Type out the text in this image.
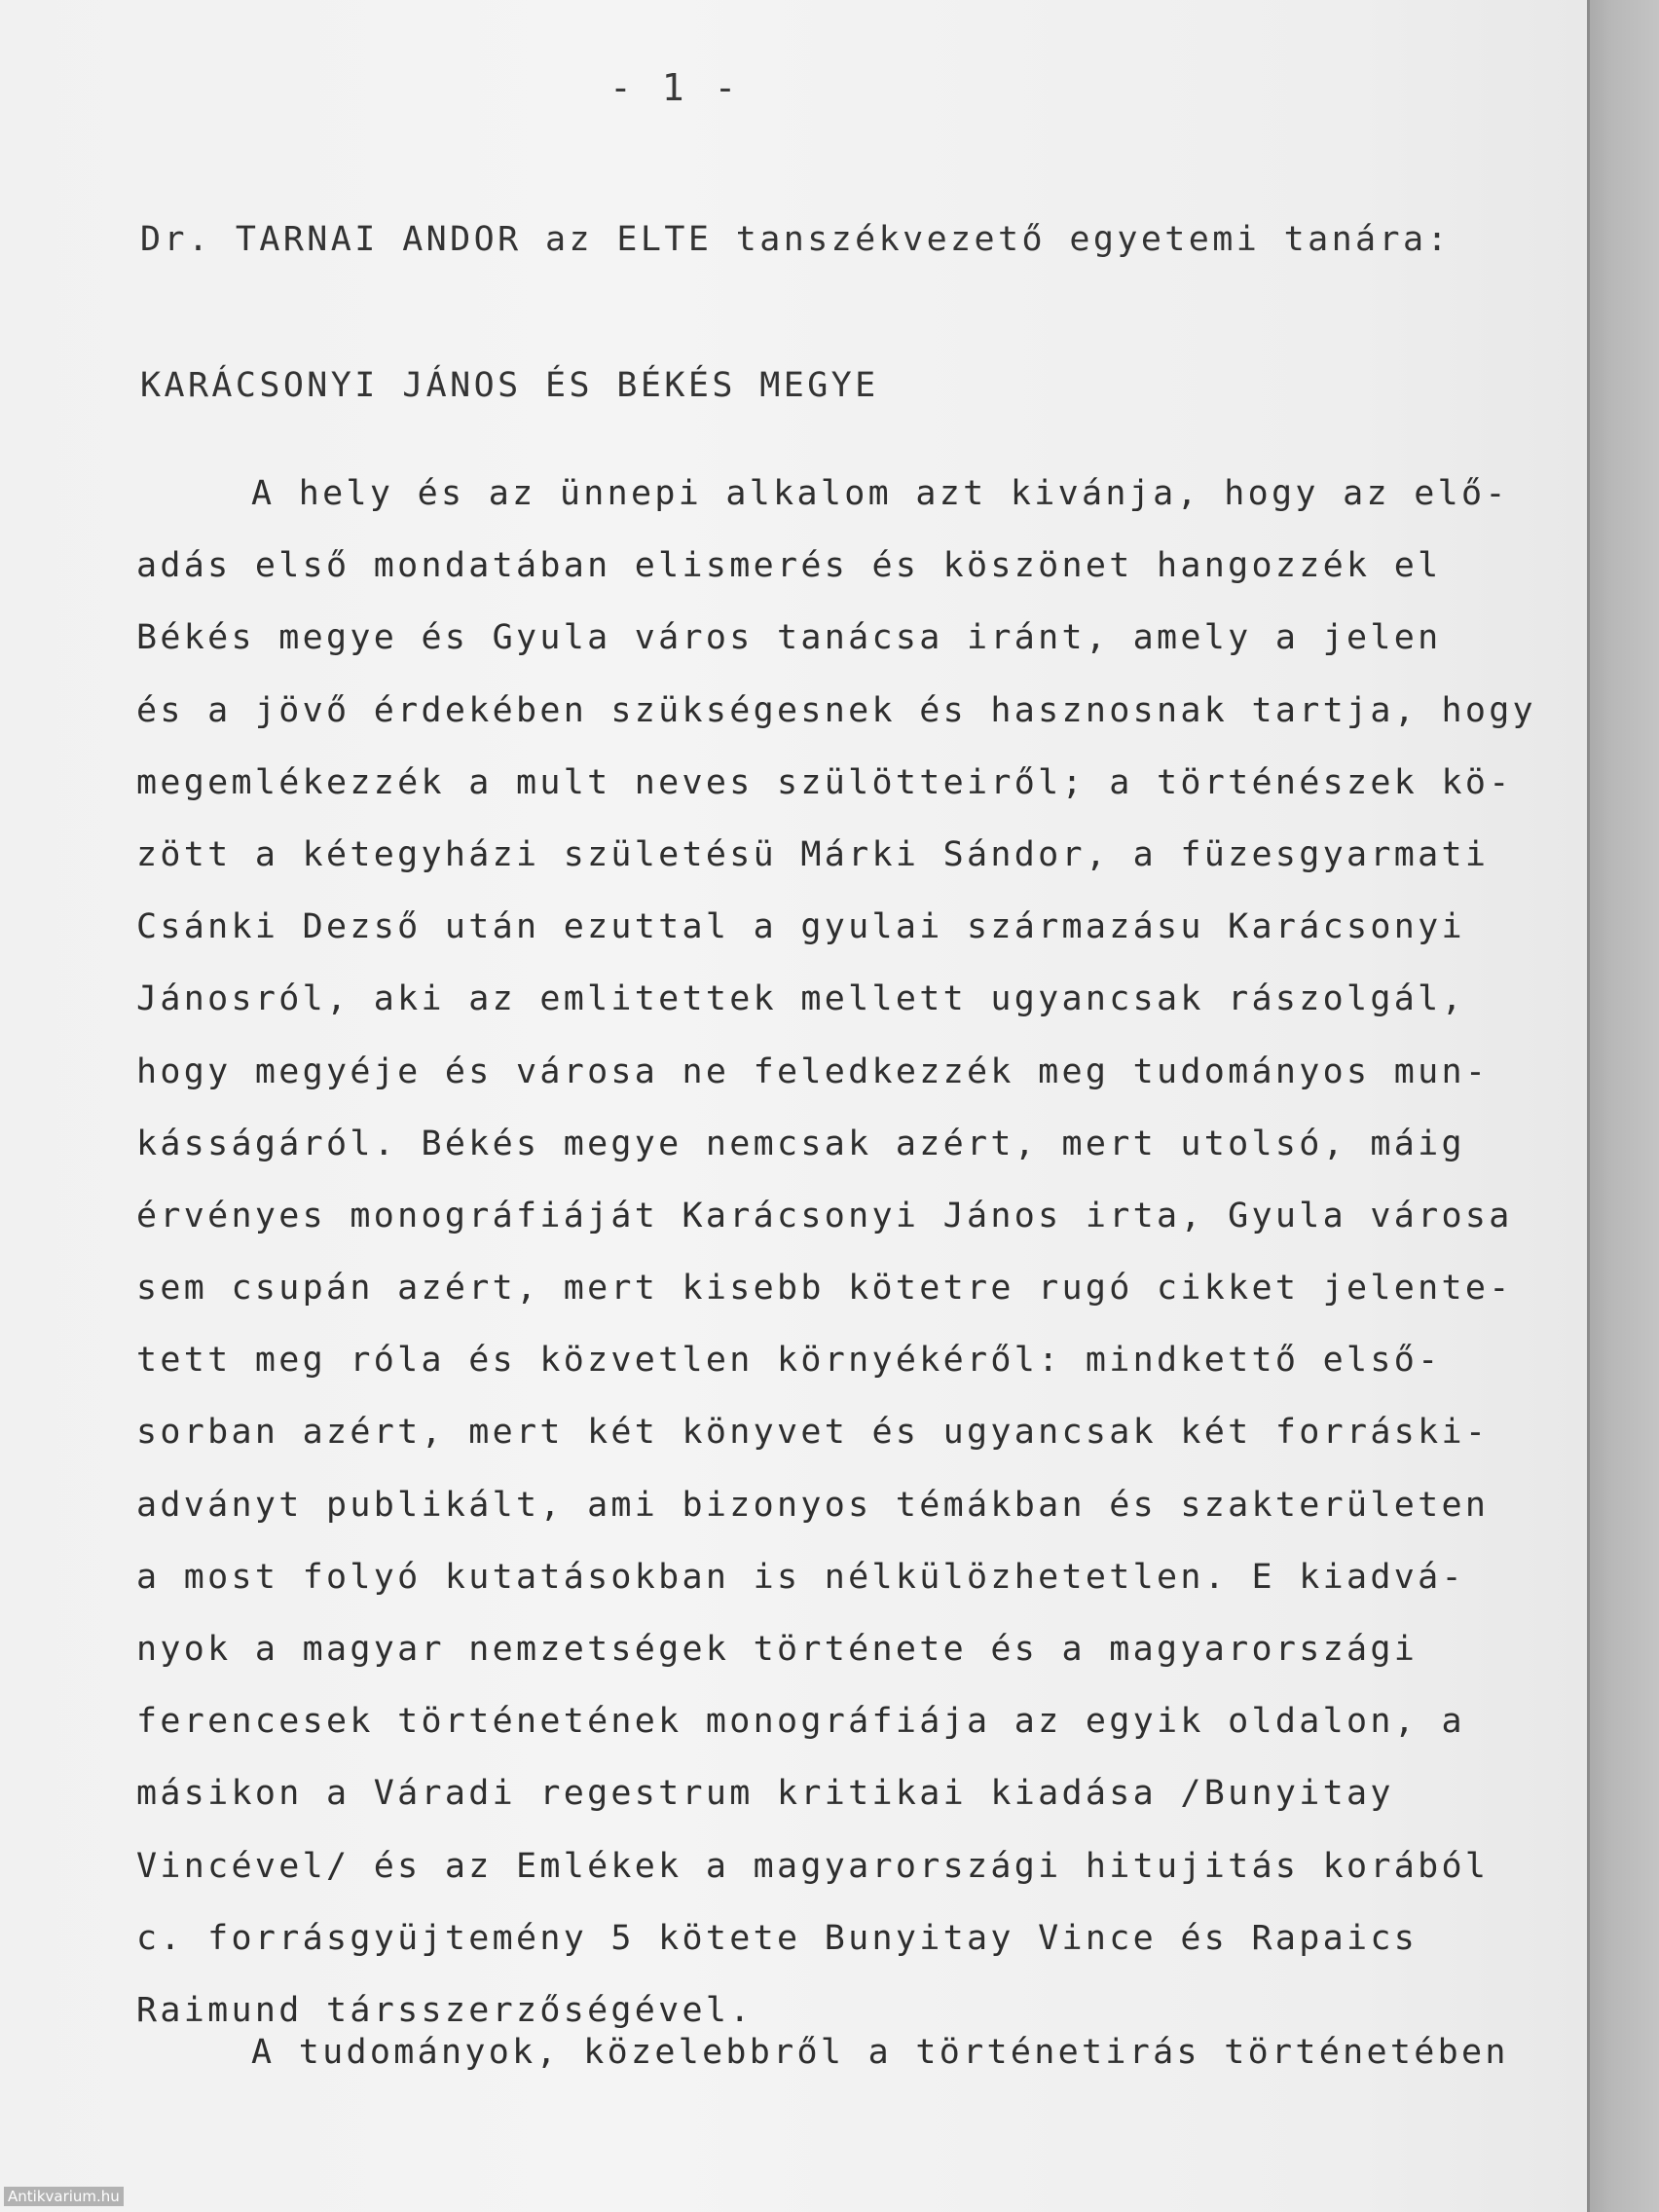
- 1 -
Dr. TARNAI ANDOR az ELTE tanszékvezető egyetemi tanára:
KARÁCSONYI JÁNOS ÉS BÉKÉS MEGYE
A hely és az ünnepi alkalom azt kivánja, hogy az elő-
adás első mondatában elismerés és köszönet hangozzék el
Békés megye és Gyula város tanácsa iránt, amely a jelen
és a jövő érdekében szükségesnek és hasznosnak tartja, hogy
megemlékezzék a mult neves szülötteiről; a történészek kö-
zött a kétegyházi születésü Márki Sándor, a füzesgyarmati
Csánki Dezső után ezuttal a gyulai származásu Karácsonyi
Jánosról, aki az emlitettek mellett ugyancsak rászolgál,
hogy megyéje és városa ne feledkezzék meg tudományos mun-
kásságáról. Békés megye nemcsak azért, mert utolsó, máig
érvényes monográfiáját Karácsonyi János irta, Gyula városa
sem csupán azért, mert kisebb kötetre rugó cikket jelente-
tett meg róla és közvetlen környékéről: mindkettő első-
sorban azért, mert két könyvet és ugyancsak két forráski-
adványt publikált, ami bizonyos témákban és szakterületen
a most folyó kutatásokban is nélkülözhetetlen. E kiadvá-
nyok a magyar nemzetségek története és a magyarországi
ferencesek történetének monográfiája az egyik oldalon, a
másikon a Váradi regestrum kritikai kiadása /Bunyitay
Vincével/ és az Emlékek a magyarországi hitujitás korából
c. forrásgyüjtemény 5 kötete Bunyitay Vince és Rapaics
Raimund társszerzőségével.
A tudományok, közelebbről a történetirás történetében
Antikvarium.hu
